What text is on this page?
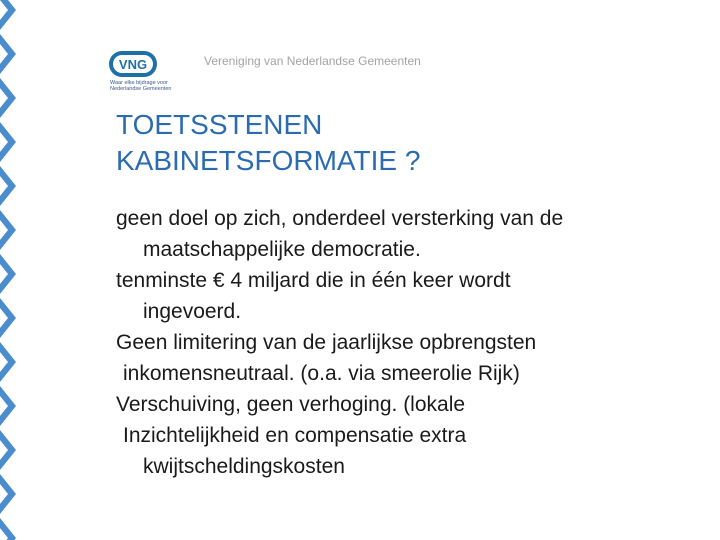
VNG
Waar elke bijdrage voor
Nederlandse Gemeenten
Vereniging van Nederlandse Gemeenten
TOETSSTENEN
KABINETSFORMATIE ?
geen doel op zich, onderdeel versterking van de
maatschappelijke democratie.
tenminste € 4 miljard die in één keer wordt
ingevoerd.
Geen limitering van de jaarlijkse opbrengsten
inkomensneutraal. (o.a. via smeerolie Rijk)
Verschuiving, geen verhoging. (lokale
Inzichtelijkheid en compensatie extra
kwijtscheldingskosten
